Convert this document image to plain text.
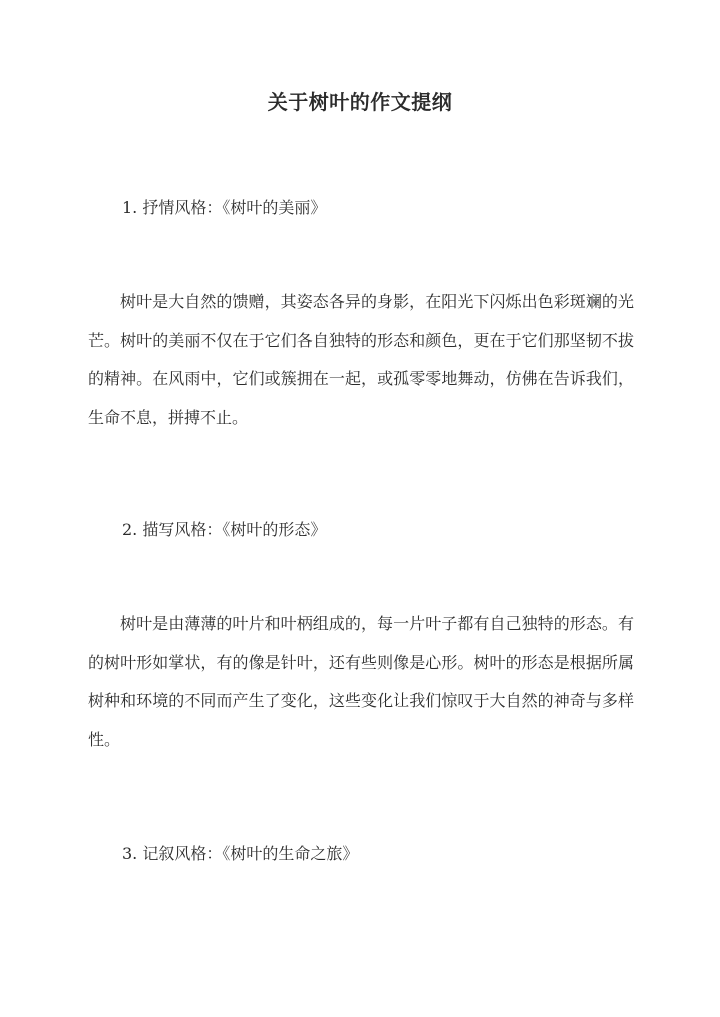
关于树叶的作文提纲

1. 抒情风格：《树叶的美丽》

树叶是大自然的馈赠，其姿态各异的身影，在阳光下闪烁出色彩斑斓的光芒。树叶的美丽不仅在于它们各自独特的形态和颜色，更在于它们那坚韧不拔的精神。在风雨中，它们或簇拥在一起，或孤零零地舞动，仿佛在告诉我们，生命不息，拼搏不止。

2. 描写风格：《树叶的形态》

树叶是由薄薄的叶片和叶柄组成的，每一片叶子都有自己独特的形态。有的树叶形如掌状，有的像是针叶，还有些则像是心形。树叶的形态是根据所属树种和环境的不同而产生了变化，这些变化让我们惊叹于大自然的神奇与多样性。

3. 记叙风格：《树叶的生命之旅》
